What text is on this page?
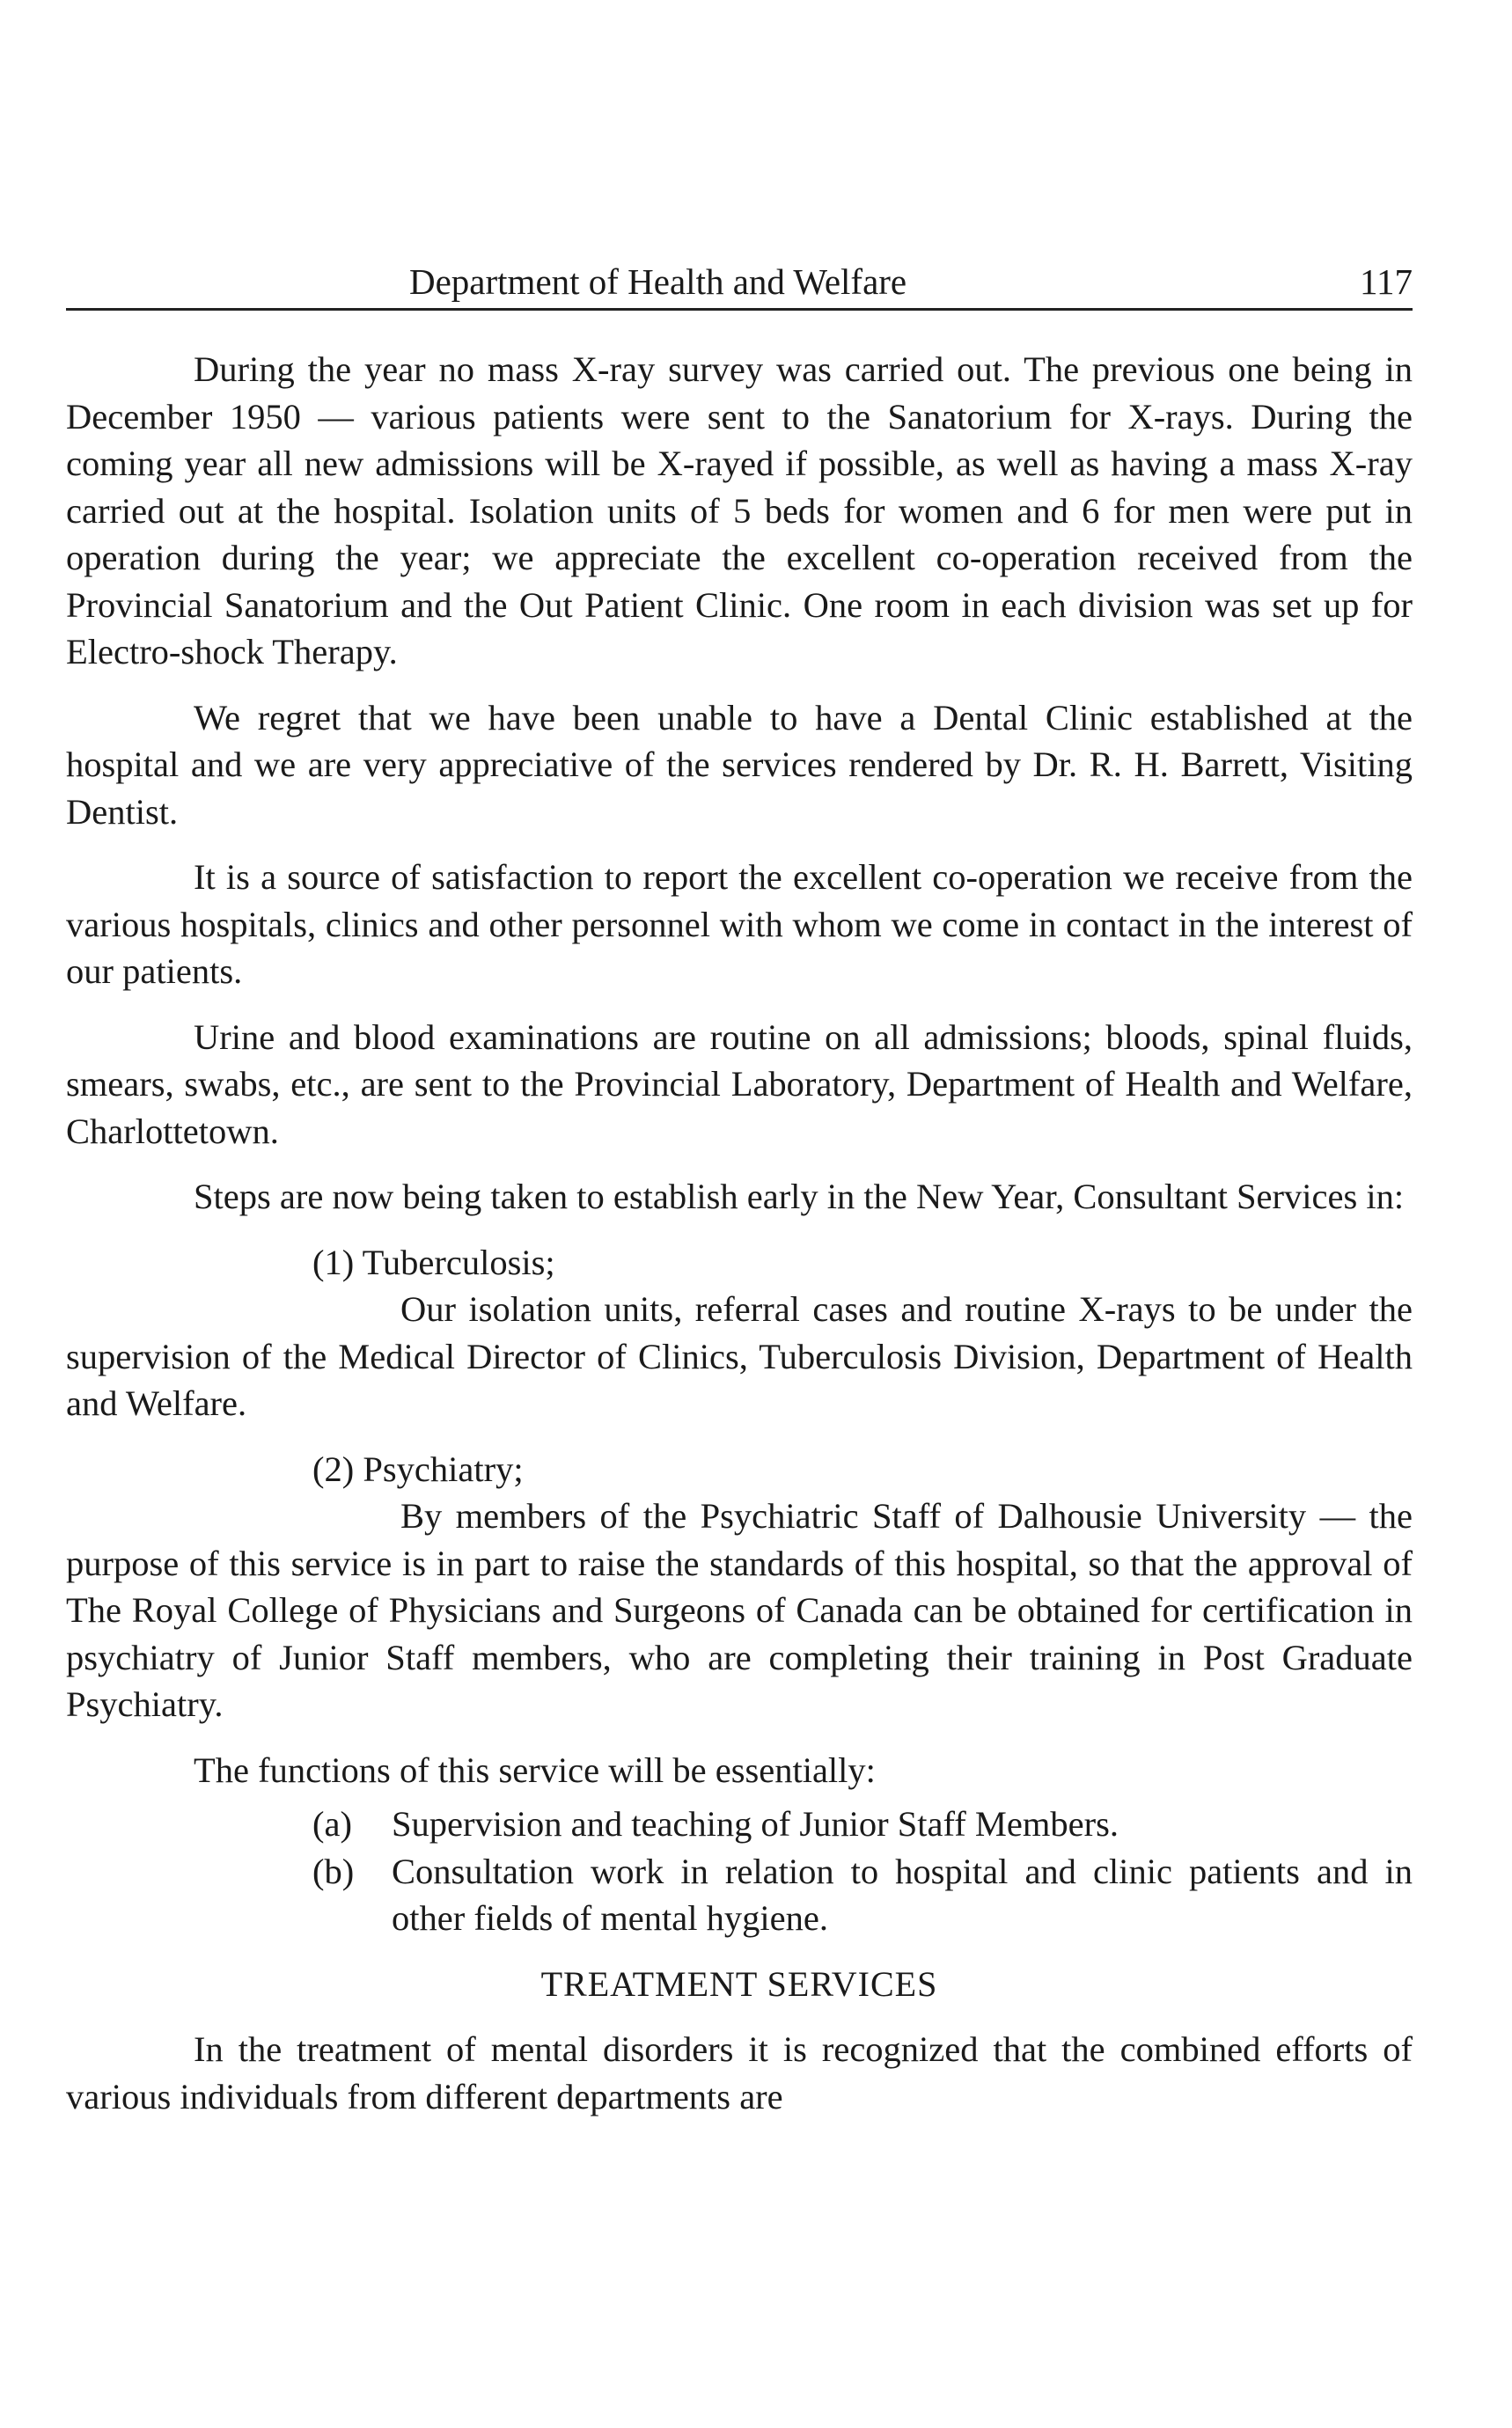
Department of Health and Welfare	117

During the year no mass X-ray survey was carried out. The previous one being in December 1950 — various patients were sent to the Sanatorium for X-rays. During the coming year all new admissions will be X-rayed if possible, as well as having a mass X-ray carried out at the hospital. Isolation units of 5 beds for women and 6 for men were put in operation during the year; we appreciate the excellent co-operation received from the Provincial Sanatorium and the Out Patient Clinic. One room in each division was set up for Electro-shock Therapy.

We regret that we have been unable to have a Dental Clinic established at the hospital and we are very appreciative of the services rendered by Dr. R. H. Barrett, Visiting Dentist.

It is a source of satisfaction to report the excellent co-operation we receive from the various hospitals, clinics and other personnel with whom we come in contact in the interest of our patients.

Urine and blood examinations are routine on all admissions; bloods, spinal fluids, smears, swabs, etc., are sent to the Provincial Laboratory, Department of Health and Welfare, Charlottetown.

Steps are now being taken to establish early in the New Year, Consultant Services in:

(1) Tuberculosis;

Our isolation units, referral cases and routine X-rays to be under the supervision of the Medical Director of Clinics, Tuberculosis Division, Department of Health and Welfare.

(2) Psychiatry;

By members of the Psychiatric Staff of Dalhousie University — the purpose of this service is in part to raise the standards of this hospital, so that the approval of The Royal College of Physicians and Surgeons of Canada can be obtained for certification in psychiatry of Junior Staff members, who are completing their training in Post Graduate Psychiatry.

The functions of this service will be essentially:

(a)	Supervision and teaching of Junior Staff Members.
(b)	Consultation work in relation to hospital and clinic patients and in other fields of mental hygiene.
TREATMENT SERVICES

In the treatment of mental disorders it is recognized that the combined efforts of various individuals from different departments are
